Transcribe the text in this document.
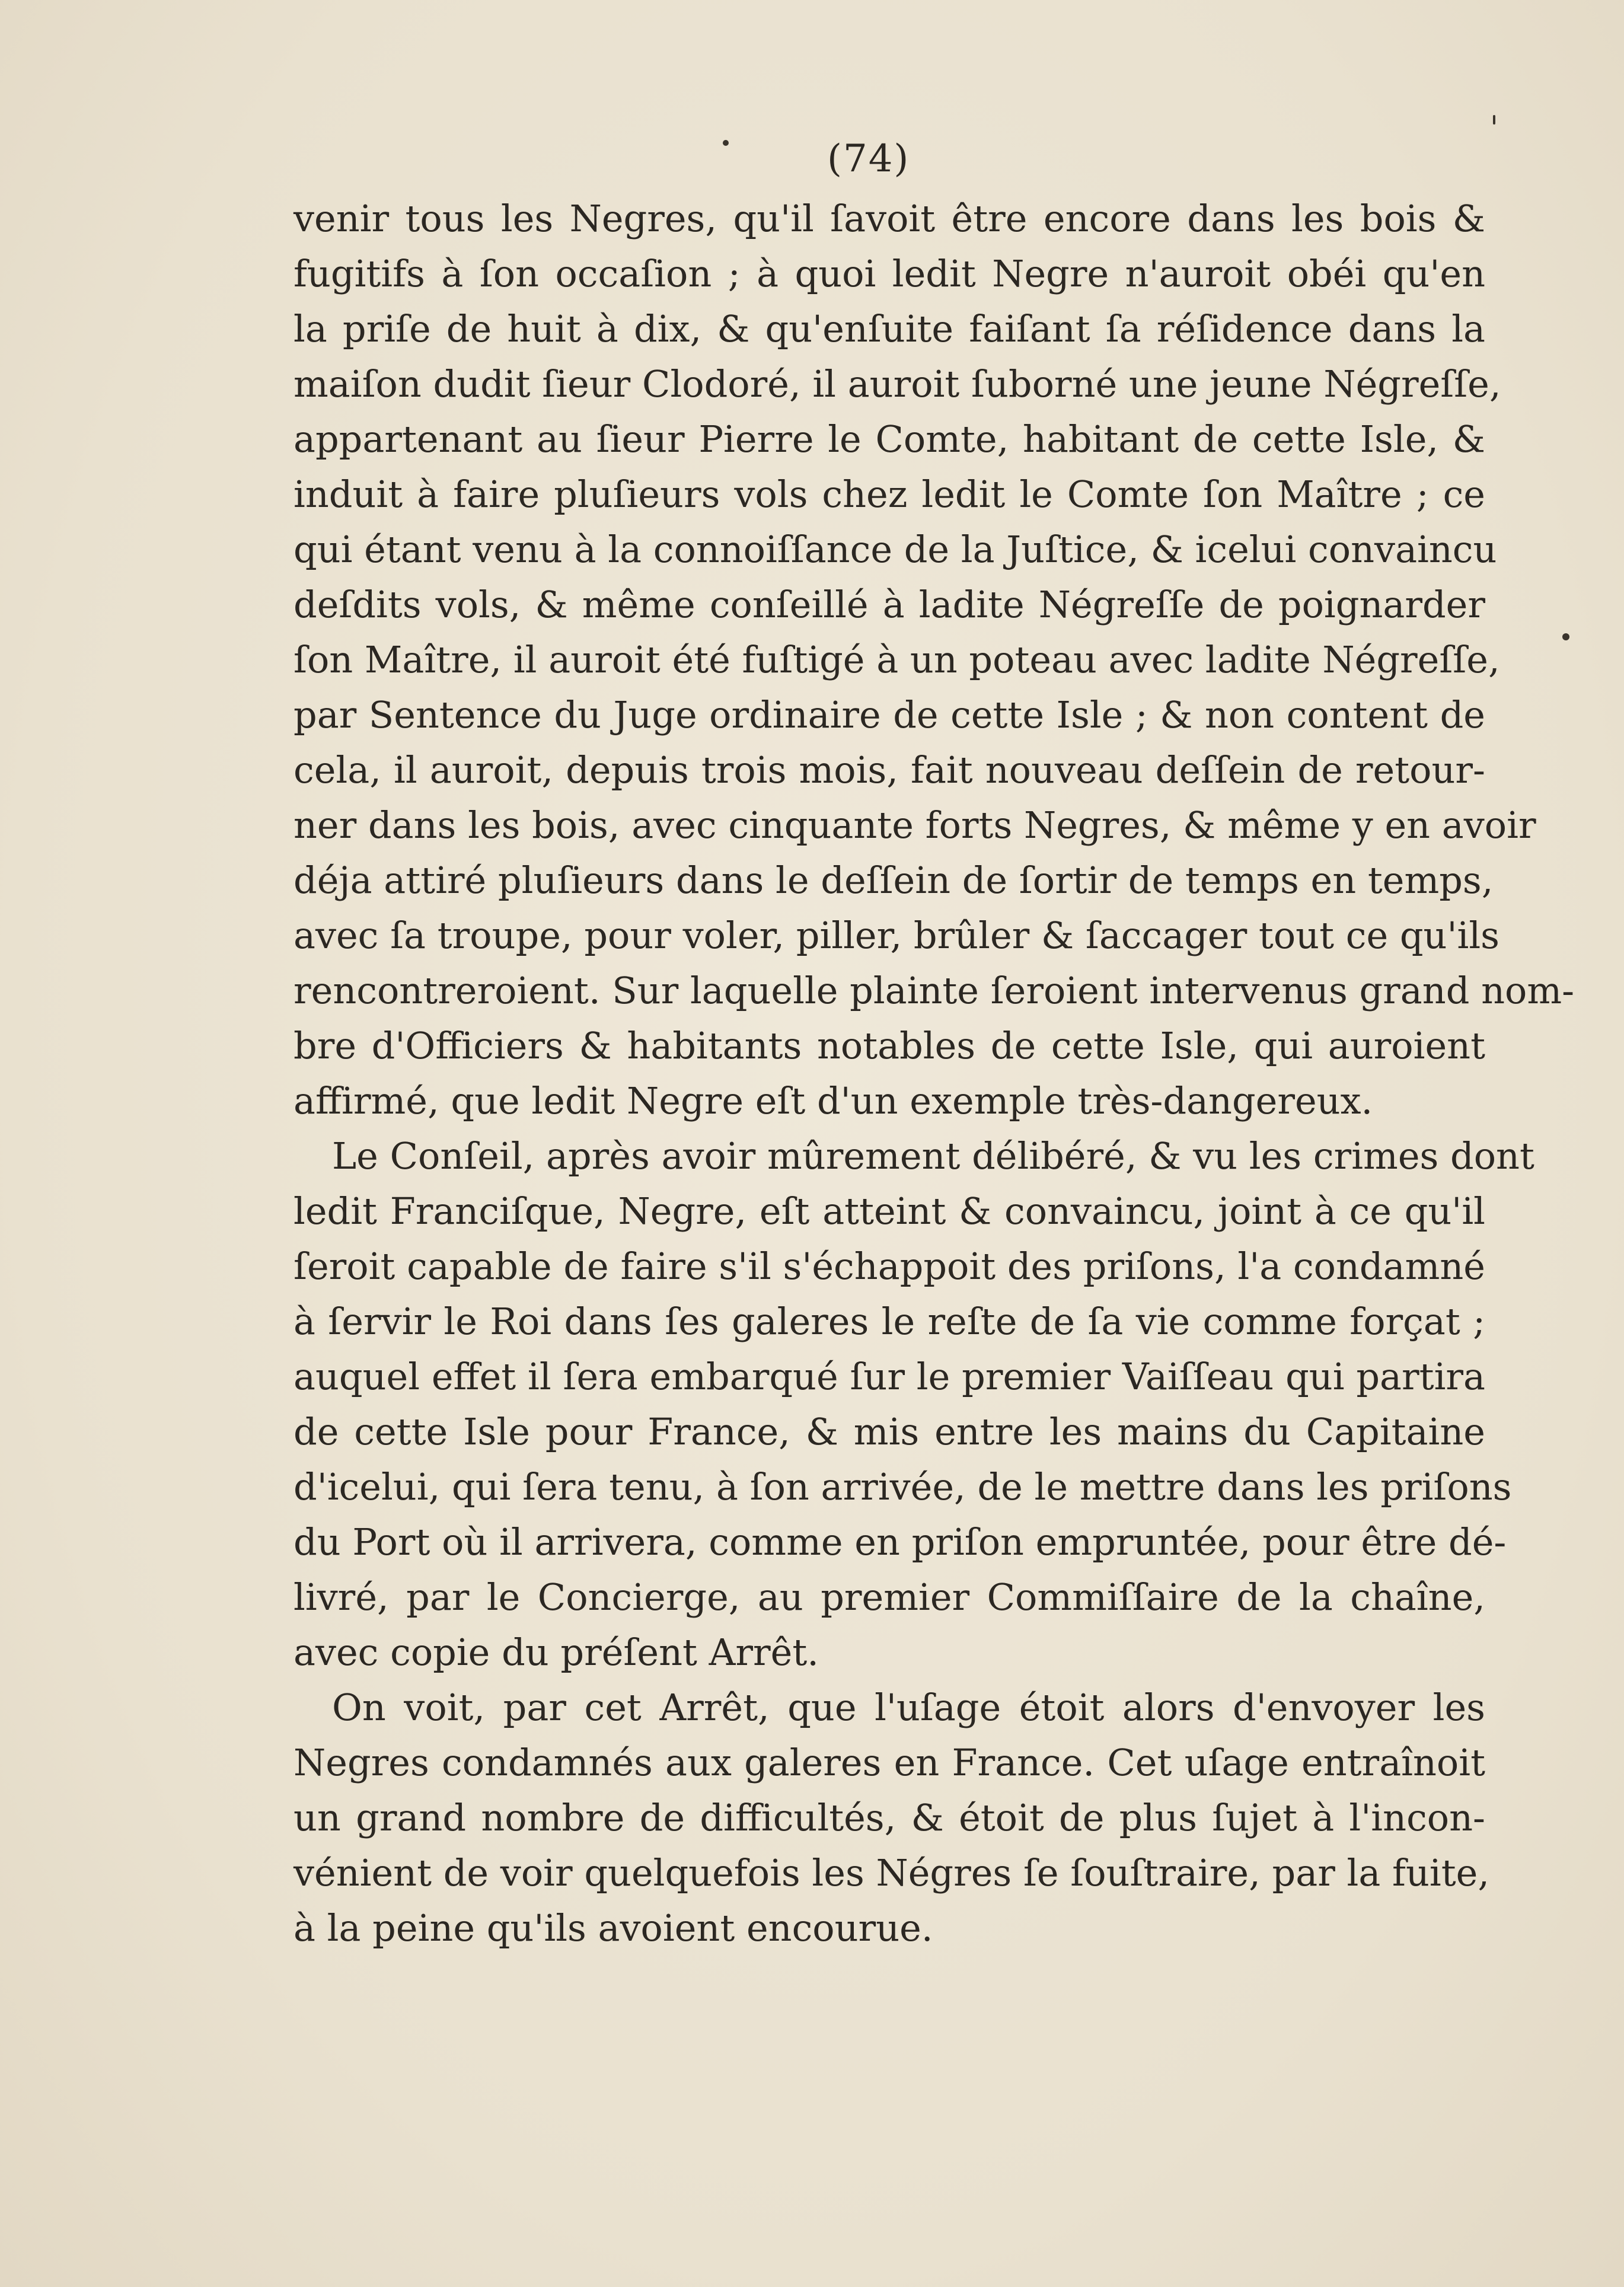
(74)
venir tous les Negres, qu'il ſavoit être encore dans les bois &
fugitifs à ſon occaſion ; à quoi ledit Negre n'auroit obéi qu'en
la priſe de huit à dix, & qu'enſuite faiſant ſa réſidence dans la
maiſon dudit ſieur Clodoré, il auroit ſuborné une jeune Négreſſe,
appartenant au ſieur Pierre le Comte, habitant de cette Isle, &
induit à faire pluſieurs vols chez ledit le Comte ſon Maître ; ce
qui étant venu à la connoiſſance de la Juſtice, & icelui convaincu
deſdits vols, & même conſeillé à ladite Négreſſe de poignarder
ſon Maître, il auroit été fuſtigé à un poteau avec ladite Négreſſe,
par Sentence du Juge ordinaire de cette Isle ; & non content de
cela, il auroit, depuis trois mois, fait nouveau deſſein de retour-
ner dans les bois, avec cinquante forts Negres, & même y en avoir
déja attiré pluſieurs dans le deſſein de ſortir de temps en temps,
avec ſa troupe, pour voler, piller, brûler & ſaccager tout ce qu'ils
rencontreroient. Sur laquelle plainte ſeroient intervenus grand nom-
bre d'Officiers & habitants notables de cette Isle, qui auroient
affirmé, que ledit Negre eſt d'un exemple très-dangereux.
Le Conſeil, après avoir mûrement délibéré, & vu les crimes dont
ledit Franciſque, Negre, eſt atteint & convaincu, joint à ce qu'il
ſeroit capable de faire s'il s'échappoit des priſons, l'a condamné
à ſervir le Roi dans ſes galeres le reſte de ſa vie comme forçat ;
auquel effet il ſera embarqué ſur le premier Vaiſſeau qui partira
de cette Isle pour France, & mis entre les mains du Capitaine
d'icelui, qui ſera tenu, à ſon arrivée, de le mettre dans les priſons
du Port où il arrivera, comme en priſon empruntée, pour être dé-
livré, par le Concierge, au premier Commiſſaire de la chaîne,
avec copie du préſent Arrêt.
On voit, par cet Arrêt, que l'uſage étoit alors d'envoyer les
Negres condamnés aux galeres en France. Cet uſage entraînoit
un grand nombre de difficultés, & étoit de plus ſujet à l'incon-
vénient de voir quelquefois les Négres ſe ſouſtraire, par la fuite,
à la peine qu'ils avoient encourue.
